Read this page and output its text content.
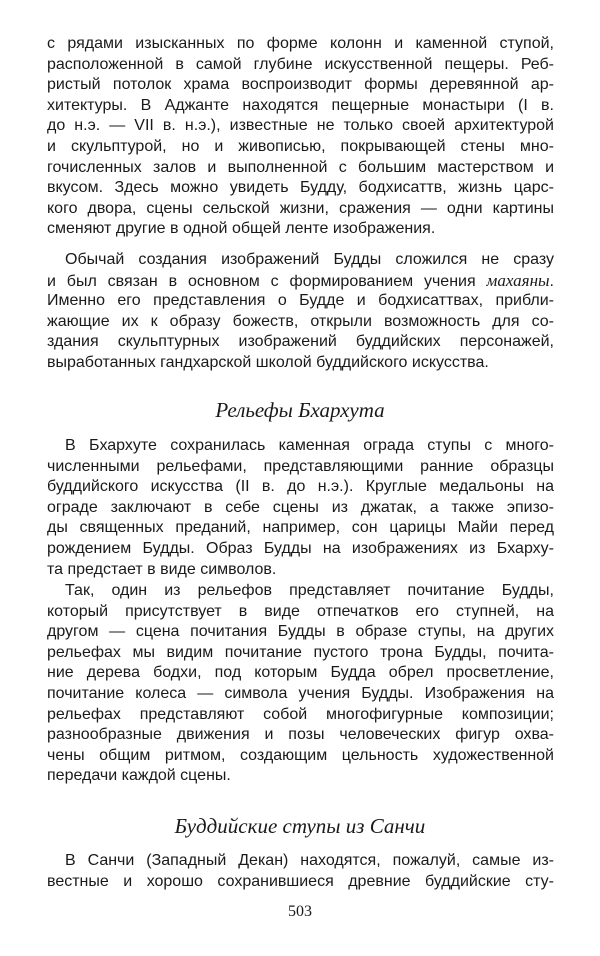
с рядами изысканных по форме колонн и каменной ступой,
расположенной в самой глубине искусственной пещеры. Реб-
ристый потолок храма воспроизводит формы деревянной ар-
хитектуры. В Аджанте находятся пещерные монастыри (I в.
до н.э. — VII в. н.э.), известные не только своей архитектурой
и скульптурой, но и живописью, покрывающей стены мно-
гочисленных залов и выполненной с большим мастерством и
вкусом. Здесь можно увидеть Будду, бодхисаттв, жизнь царс-
кого двора, сцены сельской жизни, сражения — одни картины
сменяют другие в одной общей ленте изображения.
Обычай создания изображений Будды сложился не сразу
и был связан в основном с формированием учения махаяны.
Именно его представления о Будде и бодхисаттвах, прибли-
жающие их к образу божеств, открыли возможность для со-
здания скульптурных изображений буддийских персонажей,
выработанных гандхарской школой буддийского искусства.
Рельефы Бхархута
В Бхархуте сохранилась каменная ограда ступы с много-
численными рельефами, представляющими ранние образцы
буддийского искусства (II в. до н.э.). Круглые медальоны на
ограде заключают в себе сцены из джатак, а также эпизо-
ды священных преданий, например, сон царицы Майи перед
рождением Будды. Образ Будды на изображениях из Бхарху-
та предстает в виде символов.
Так, один из рельефов представляет почитание Будды,
который присутствует в виде отпечатков его ступней, на
другом — сцена почитания Будды в образе ступы, на других
рельефах мы видим почитание пустого трона Будды, почита-
ние дерева бодхи, под которым Будда обрел просветление,
почитание колеса — символа учения Будды. Изображения на
рельефах представляют собой многофигурные композиции;
разнообразные движения и позы человеческих фигур охва-
чены общим ритмом, создающим цельность художественной
передачи каждой сцены.
Буддийские ступы из Санчи
В Санчи (Западный Декан) находятся, пожалуй, самые из-
вестные и хорошо сохранившиеся древние буддийские сту-
503
